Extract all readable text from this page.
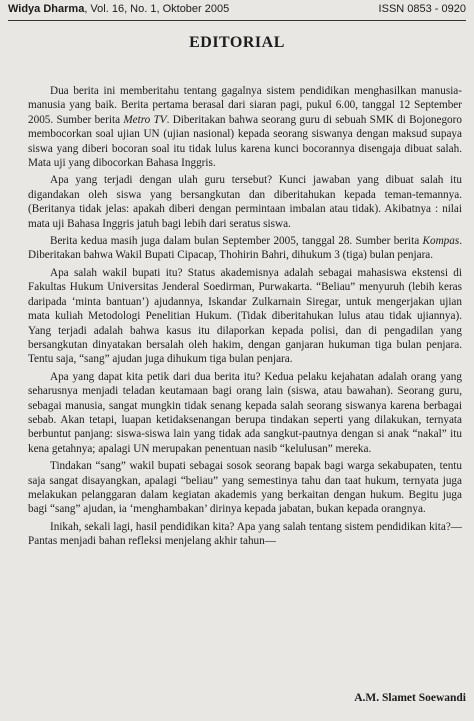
Widya Dharma, Vol. 16, No. 1, Oktober 2005	ISSN 0853 - 0920
EDITORIAL

Dua berita ini memberitahu tentang gagalnya sistem pendidikan menghasilkan manusia-manusia yang baik. Berita pertama berasal dari siaran pagi, pukul 6.00, tanggal 12 September 2005. Sumber berita Metro TV. Diberitakan bahwa seorang guru di sebuah SMK di Bojonegoro membocorkan soal ujian UN (ujian nasional) kepada seorang siswanya dengan maksud supaya siswa yang diberi bocoran soal itu tidak lulus karena kunci bocorannya disengaja dibuat salah. Mata uji yang dibocorkan Bahasa Inggris.

Apa yang terjadi dengan ulah guru tersebut? Kunci jawaban yang dibuat salah itu digandakan oleh siswa yang bersangkutan dan diberitahukan kepada teman-temannya. (Beritanya tidak jelas: apakah diberi dengan permintaan imbalan atau tidak). Akibatnya : nilai mata uji Bahasa Inggris jatuh bagi lebih dari seratus siswa.

Berita kedua masih juga dalam bulan September 2005, tanggal 28. Sumber berita Kompas. Diberitakan bahwa Wakil Bupati Cipacap, Thohirin Bahri, dihukum 3 (tiga) bulan penjara.

Apa salah wakil bupati itu? Status akademisnya adalah sebagai mahasiswa ekstensi di Fakultas Hukum Universitas Jenderal Soedirman, Purwakarta. “Beliau” menyuruh (lebih keras daripada ‘minta bantuan’) ajudannya, Iskandar Zulkarnain Siregar, untuk mengerjakan ujian mata kuliah Metodologi Penelitian Hukum. (Tidak diberitahukan lulus atau tidak ujiannya). Yang terjadi adalah bahwa kasus itu dilaporkan kepada polisi, dan di pengadilan yang bersangkutan dinyatakan bersalah oleh hakim, dengan ganjaran hukuman tiga bulan penjara. Tentu saja, “sang” ajudan juga dihukum tiga bulan penjara.

Apa yang dapat kita petik dari dua berita itu? Kedua pelaku kejahatan adalah orang yang seharusnya menjadi teladan keutamaan bagi orang lain (siswa, atau bawahan). Seorang guru, sebagai manusia, sangat mungkin tidak senang kepada salah seorang siswanya karena berbagai sebab. Akan tetapi, luapan ketidaksenangan berupa tindakan seperti yang dilakukan, ternyata berbuntut panjang: siswa-siswa lain yang tidak ada sangkut-pautnya dengan si anak “nakal” itu kena getahnya; apalagi UN merupakan penentuan nasib “kelulusan” mereka.

Tindakan “sang” wakil bupati sebagai sosok seorang bapak bagi warga sekabupaten, tentu saja sangat disayangkan, apalagi “beliau” yang semestinya tahu dan taat hukum, ternyata juga melakukan pelanggaran dalam kegiatan akademis yang berkaitan dengan hukum. Begitu juga bagi “sang” ajudan, ia ‘menghambakan’ dirinya kepada jabatan, bukan kepada orangnya.

Inikah, sekali lagi, hasil pendidikan kita? Apa yang salah tentang sistem pendidikan kita?—Pantas menjadi bahan refleksi menjelang akhir tahun—

A.M. Slamet Soewandi
